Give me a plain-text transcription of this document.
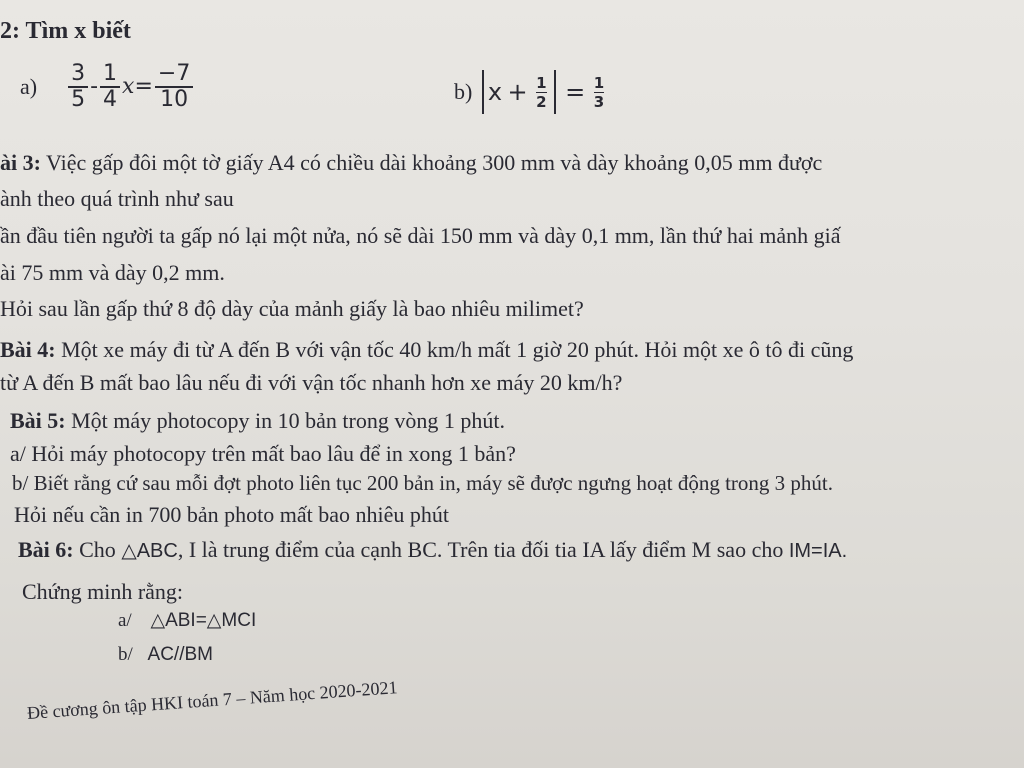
2: Tìm x biết
$a) \frac{3}{5} - \frac{1}{4} x= \frac{-7}{10}$	b) $x + \frac{1}{2} = \frac{1}{3}$
ài 3: Việc gấp đôi một tờ giấy A4 có chiều dài khoảng 300 mm và dày khoảng 0,05 mm được
ành theo quá trình như sau
ần đầu tiên người ta gấp nó lại một nửa, nó sẽ dài 150 mm và dày 0,1 mm, lần thứ hai mảnh giấ
ài 75 mm và dày 0,2 mm.
Hỏi sau lần gấp thứ 8 độ dày của mảnh giấy là bao nhiêu milimet?
Bài 4: Một xe máy đi từ A đến B với vận tốc 40 km/h mất 1 giờ 20 phút. Hỏi một xe ô tô đi cũng
từ A đến B mất bao lâu nếu đi với vận tốc nhanh hơn xe máy 20 km/h?
Bài 5: Một máy photocopy in 10 bản trong vòng 1 phút.
a/ Hỏi máy photocopy trên mất bao lâu để in xong 1 bản?
b/ Biết rằng cứ sau mỗi đợt photo liên tục 200 bản in, máy sẽ được ngưng hoạt động trong 3 phút.
Hỏi nếu cần in 700 bản photo mất bao nhiêu phút
Bài 6: Cho △ABC, I là trung điểm của cạnh BC. Trên tia đối tia IA lấy điểm M sao cho IM=IA.
Chứng minh rằng:
a/ △ABI=△MCI
b/ AC//BM
Đề cương ôn tập HKI toán 7 – Năm học 2020-2021
